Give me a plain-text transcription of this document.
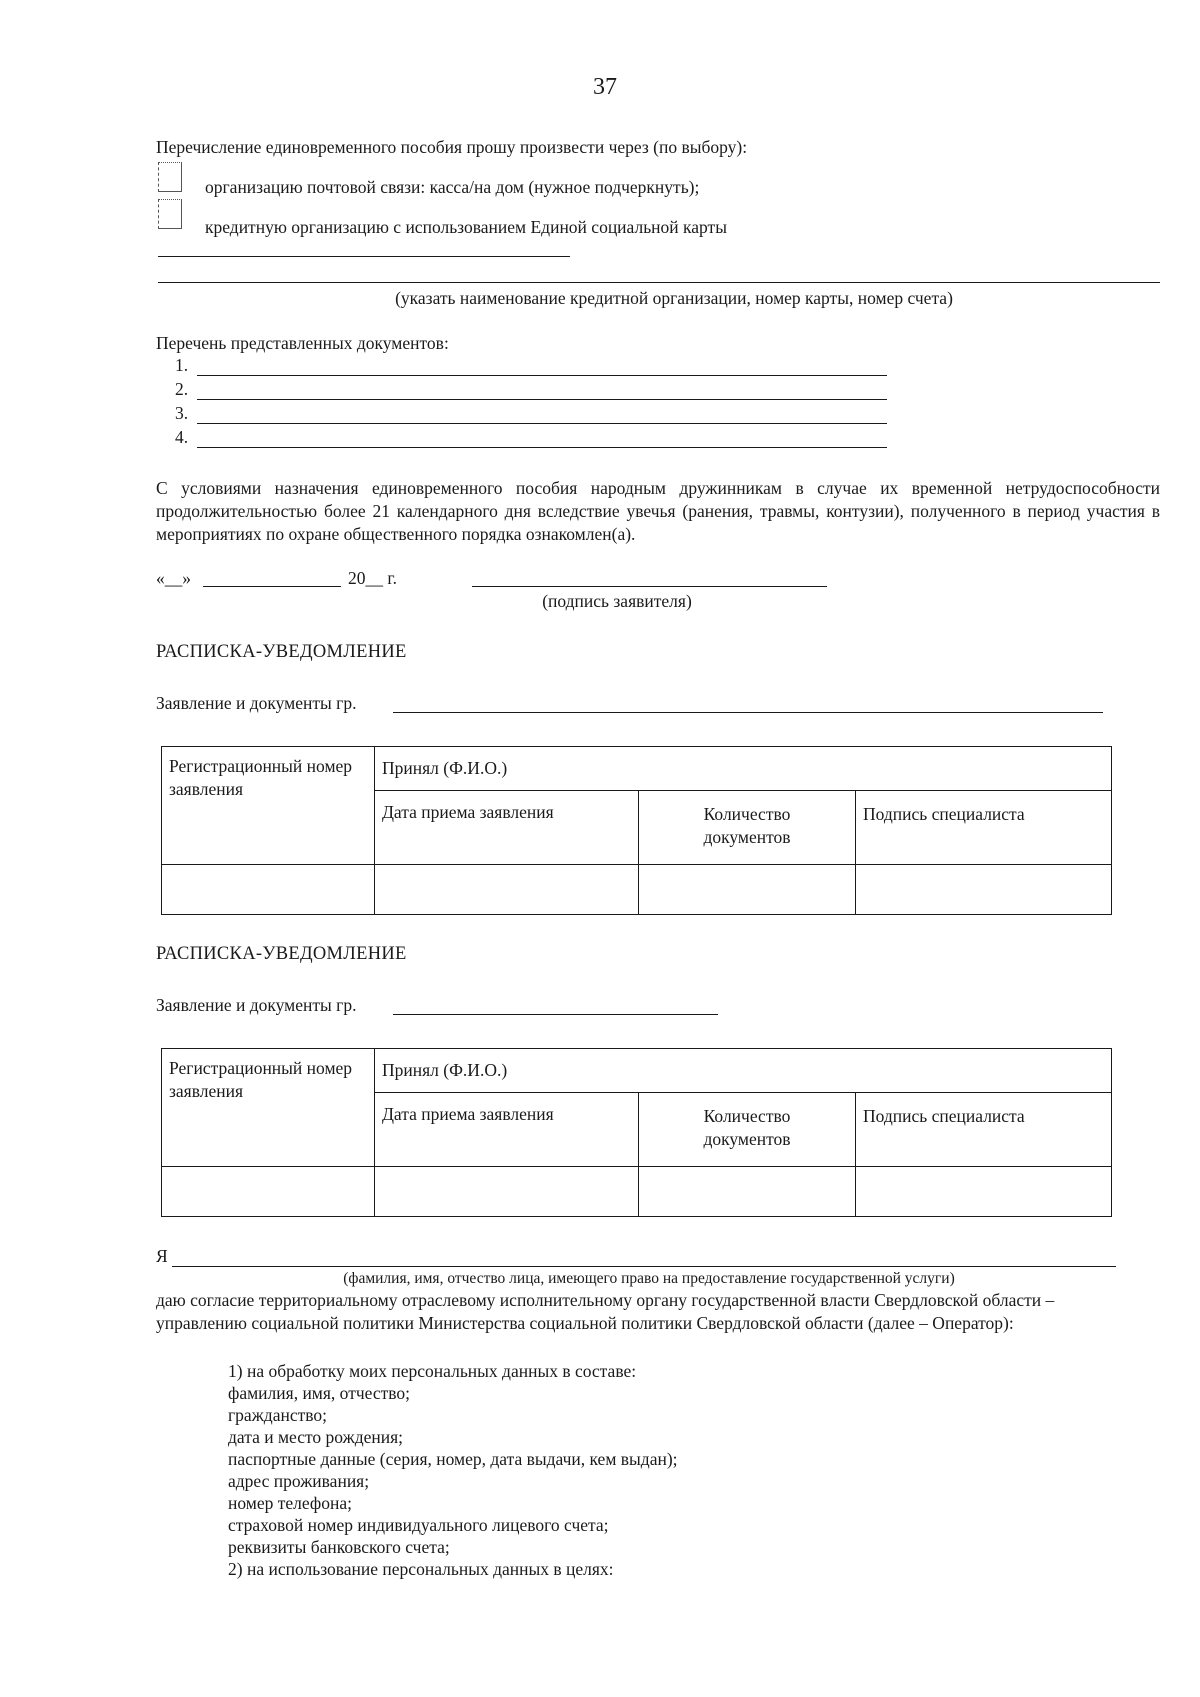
37
Перечисление единовременного пособия прошу произвести через (по выбору):
организацию почтовой связи: касса/на дом (нужное подчеркнуть);
кредитную организацию с использованием Единой социальной карты
(указать наименование кредитной организации, номер карты, номер счета)
Перечень представленных документов:
1.
2.
3.
4.
С условиями назначения единовременного пособия народным дружинникам в случае их временной нетрудоспособности продолжительностью более 21 календарного дня вследствие увечья (ранения, травмы, контузии), полученного в период участия в мероприятиях по охране общественного порядка ознакомлен(а).
«__»	20__ г.
(подпись заявителя)
РАСПИСКА-УВЕДОМЛЕНИЕ
Заявление и документы гр.
Регистрационный номер заявления	Принял (Ф.И.О.)		
	Дата приема заявления	Количество документов	Подпись специалиста

РАСПИСКА-УВЕДОМЛЕНИЕ
Заявление и документы гр.
Регистрационный номер заявления	Принял (Ф.И.О.)		
	Дата приема заявления	Количество документов	Подпись специалиста

Я
(фамилия, имя, отчество лица, имеющего право на предоставление государственной услуги)
даю согласие территориальному отраслевому исполнительному органу государственной власти Свердловской области – управлению социальной политики Министерства социальной политики Свердловской области (далее – Оператор):
1) на обработку моих персональных данных в составе:
фамилия, имя, отчество;
гражданство;
дата и место рождения;
паспортные данные (серия, номер, дата выдачи, кем выдан);
адрес проживания;
номер телефона;
страховой номер индивидуального лицевого счета;
реквизиты банковского счета;
2) на использование персональных данных в целях:
